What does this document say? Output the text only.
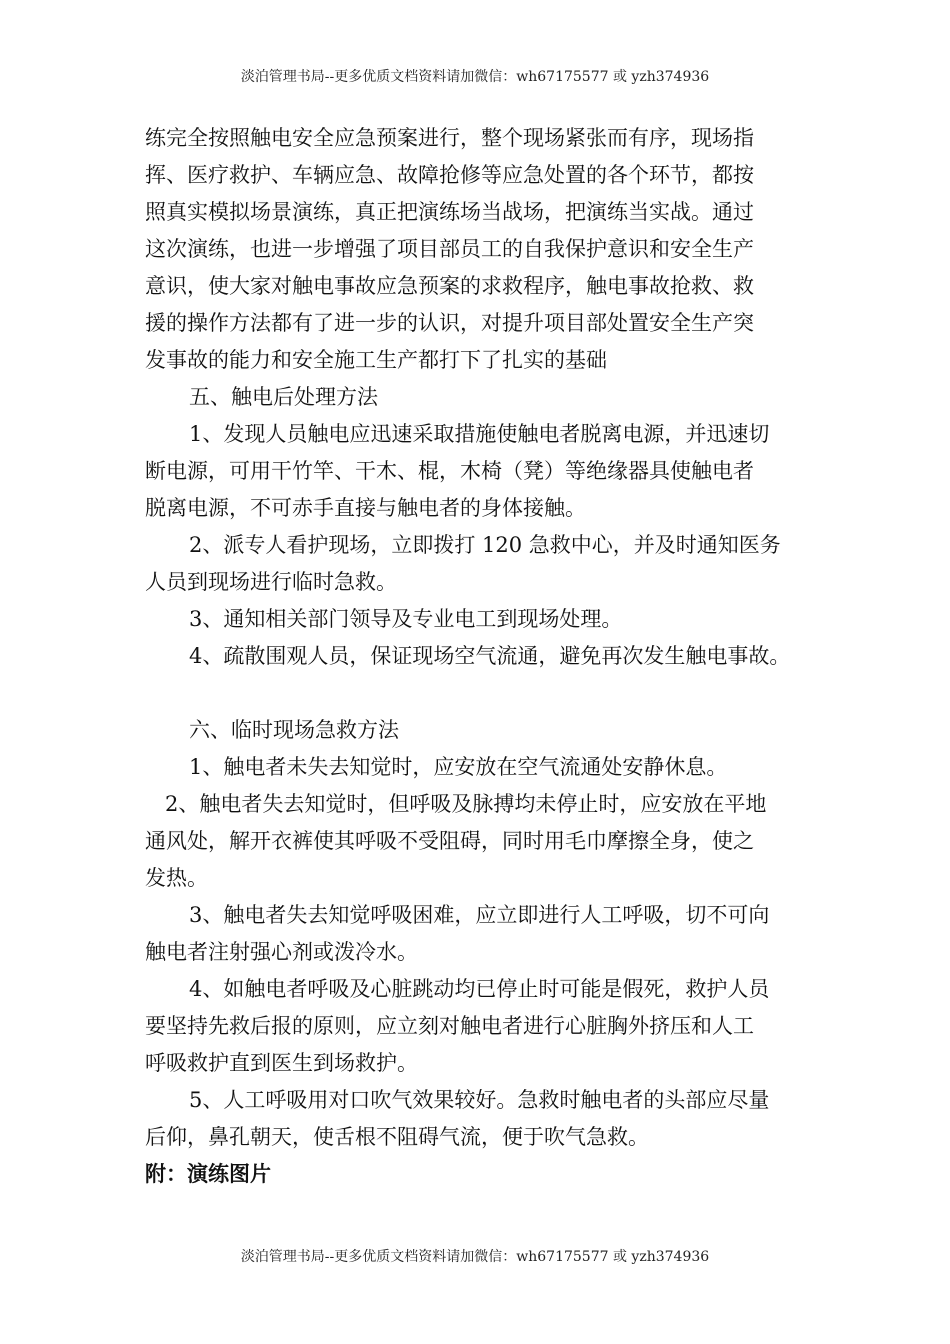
淡泊管理书局--更多优质文档资料请加微信：wh67175577 或 yzh374936
练完全按照触电安全应急预案进行，整个现场紧张而有序，现场指
挥、医疗救护、车辆应急、故障抢修等应急处置的各个环节，都按
照真实模拟场景演练，真正把演练场当战场，把演练当实战。通过
这次演练，也进一步增强了项目部员工的自我保护意识和安全生产
意识，使大家对触电事故应急预案的求救程序，触电事故抢救、救
援的操作方法都有了进一步的认识，对提升项目部处置安全生产突
发事故的能力和安全施工生产都打下了扎实的基础
五、触电后处理方法
1、发现人员触电应迅速采取措施使触电者脱离电源，并迅速切
断电源，可用干竹竿、干木、棍，木椅（凳）等绝缘器具使触电者
脱离电源，不可赤手直接与触电者的身体接触。
2、派专人看护现场，立即拨打 120 急救中心，并及时通知医务
人员到现场进行临时急救。
3、通知相关部门领导及专业电工到现场处理。
4、疏散围观人员，保证现场空气流通，避免再次发生触电事故。
六、临时现场急救方法
1、触电者未失去知觉时，应安放在空气流通处安静休息。
2、触电者失去知觉时，但呼吸及脉搏均未停止时，应安放在平地
通风处，解开衣裤使其呼吸不受阻碍，同时用毛巾摩擦全身，使之
发热。
3、触电者失去知觉呼吸困难，应立即进行人工呼吸，切不可向
触电者注射强心剂或泼冷水。
4、如触电者呼吸及心脏跳动均已停止时可能是假死，救护人员
要坚持先救后报的原则，应立刻对触电者进行心脏胸外挤压和人工
呼吸救护直到医生到场救护。
5、人工呼吸用对口吹气效果较好。急救时触电者的头部应尽量
后仰，鼻孔朝天，使舌根不阻碍气流，便于吹气急救。
附：演练图片
淡泊管理书局--更多优质文档资料请加微信：wh67175577 或 yzh374936
